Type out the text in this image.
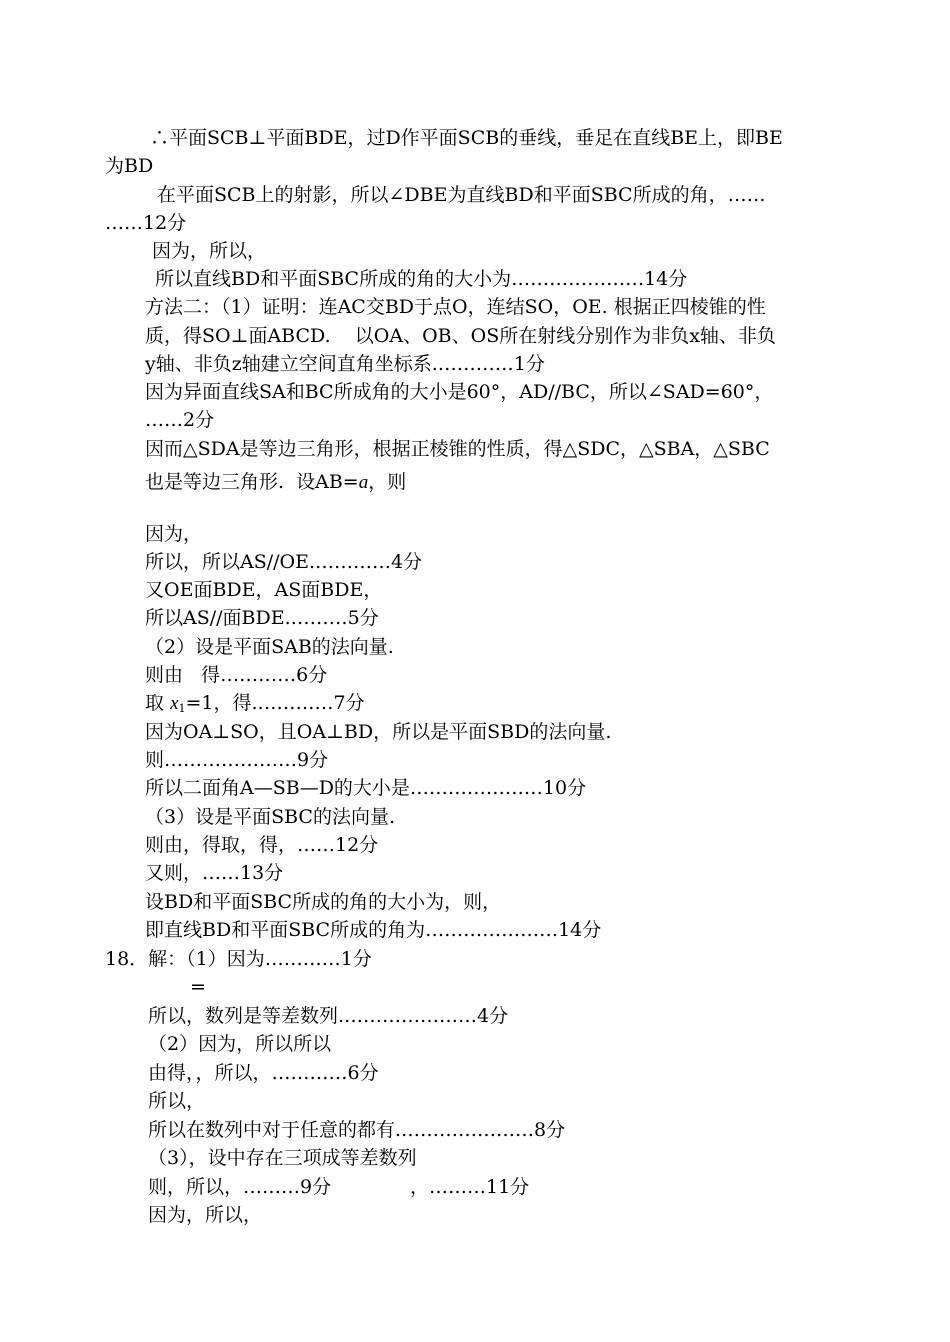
∴平面SCB⊥平面BDE，过D作平面SCB的垂线，垂足在直线BE上，即BE
为BD
在平面SCB上的射影，所以∠DBE为直线BD和平面SBC所成的角，……
……12分
因为，所以，
所以直线BD和平面SBC所成的角的大小为…………………14分
方法二：（1）证明：连AC交BD于点O，连结SO，OE. 根据正四棱锥的性
质，得SO⊥面ABCD.    以OA、OB、OS所在射线分别作为非负x轴、非负
y轴、非负z轴建立空间直角坐标系.…………1分
因为异面直线SA和BC所成角的大小是60°，AD//BC，所以∠SAD=60°，
……2分
因而△SDA是等边三角形，根据正棱锥的性质，得△SDC，△SBA，△SBC
也是等边三角形.  设AB=a，则
因为，
所以，所以AS//OE.…………4分
又OE面BDE，AS面BDE，
所以AS//面BDE.………5分
（2）设是平面SAB的法向量.
则由   得…………6分
取 $x_1=1$，得.…………7分
因为OA⊥SO，且OA⊥BD，所以是平面SBD的法向量.
则…………………9分
所以二面角A—SB—D的大小是…………………10分
（3）设是平面SBC的法向量.
则由，得取，得，……12分
又则，……13分
设BD和平面SBC所成的角的大小为，则，
即直线BD和平面SBC所成的角为…………………14分
18．解：（1）因为…………1分
=
所以，数列是等差数列.…………………4分
（2）因为，所以所以
由得，，所以，…………6分
所以，
所以在数列中对于任意的都有.…………………8分
（3），设中存在三项成等差数列
则，所以，………9分	，………11分
因为，所以，
